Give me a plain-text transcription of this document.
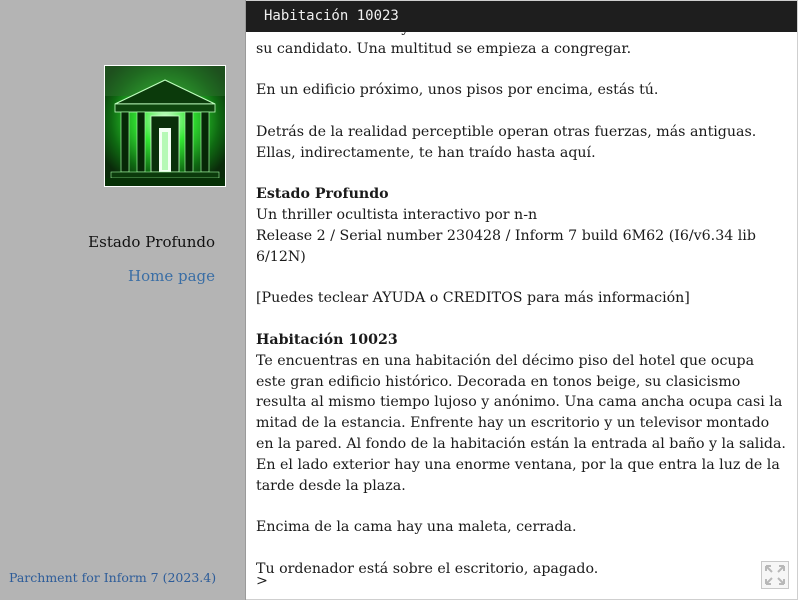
Estado Profundo
Home page
Parchment for Inform 7 (2023.4)

su candidato. Una multitud se empieza a congregar.

En un edificio próximo, unos pisos por encima, estás tú.

Detrás de la realidad perceptible operan otras fuerzas, más antiguas. Ellas, indirectamente, te han traído hasta aquí.

Estado Profundo

Un thriller ocultista interactivo por n-n

Release 2 / Serial number 230428 / Inform 7 build 6M62 (I6/v6.34 lib 6/12N)

[Puedes teclear AYUDA o CREDITOS para más información]

Habitación 10023

Te encuentras en una habitación del décimo piso del hotel que ocupa este gran edificio histórico. Decorada en tonos beige, su clasicismo resulta al mismo tiempo lujoso y anónimo. Una cama ancha ocupa casi la mitad de la estancia. Enfrente hay un escritorio y un televisor montado en la pared. Al fondo de la habitación están la entrada al baño y la salida. En el lado exterior hay una enorme ventana, por la que entra la luz de la tarde desde la plaza.

Encima de la cama hay una maleta, cerrada.

Tu ordenador está sobre el escritorio, apagado.

Habitación 10023
>
